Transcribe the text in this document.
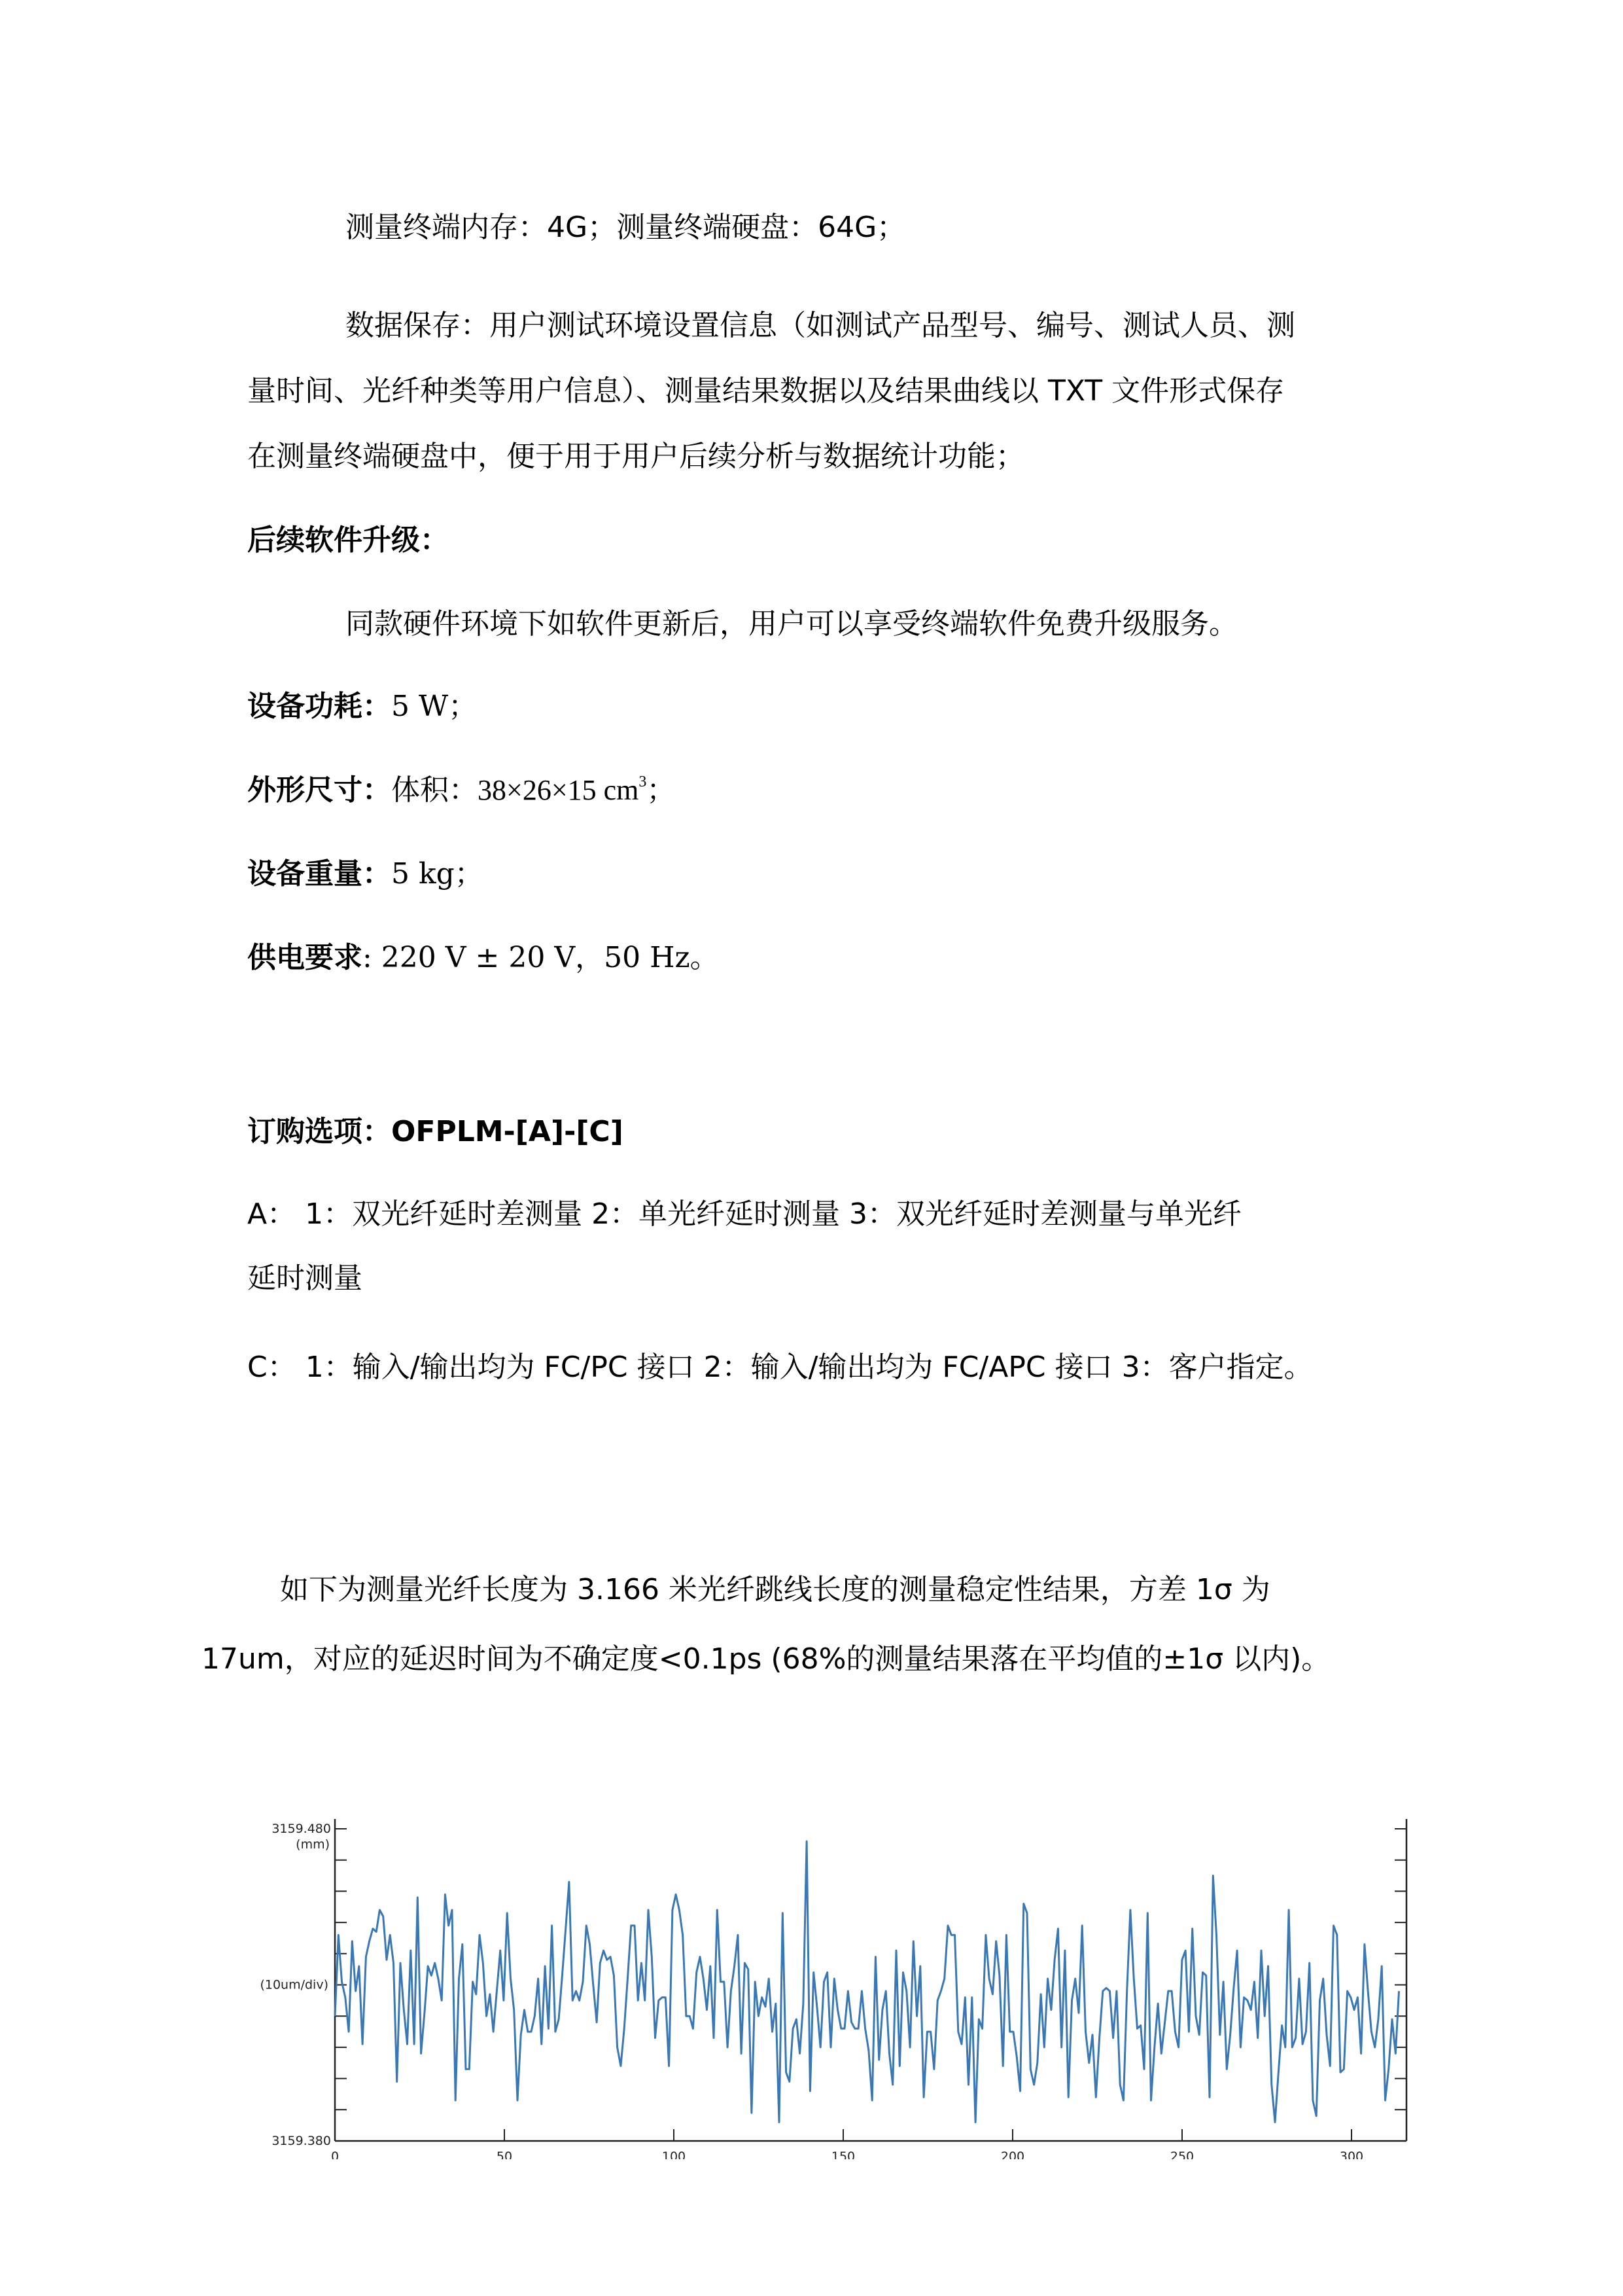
测量终端内存：4G；测量终端硬盘：64G；
数据保存：用户测试环境设置信息（如测试产品型号、编号、测试人员、测
量时间、光纤种类等用户信息）、测量结果数据以及结果曲线以 TXT 文件形式保存
在测量终端硬盘中，便于用于用户后续分析与数据统计功能；
后续软件升级：
同款硬件环境下如软件更新后，用户可以享受终端软件免费升级服务。
设备功耗：5 W；
外形尺寸：体积：38×26×15 $cm^3$；
设备重量：5 kg；
供电要求: 220 V ± 20 V，50 Hz。
订购选项：OFPLM-[A]-[C]
A： 1：双光纤延时差测量 2：单光纤延时测量 3：双光纤延时差测量与单光纤
延时测量
C： 1：输入/输出均为 FC/PC 接口 2：输入/输出均为 FC/APC 接口 3：客户指定。
如下为测量光纤长度为 3.166 米光纤跳线长度的测量稳定性结果，方差 1σ 为
17um，对应的延迟时间为不确定度<0.1ps (68%的测量结果落在平均值的±1σ 以内)。
3159.480
(mm)
(10um/div)
3159.380
0	50	100	150	200	250	300
